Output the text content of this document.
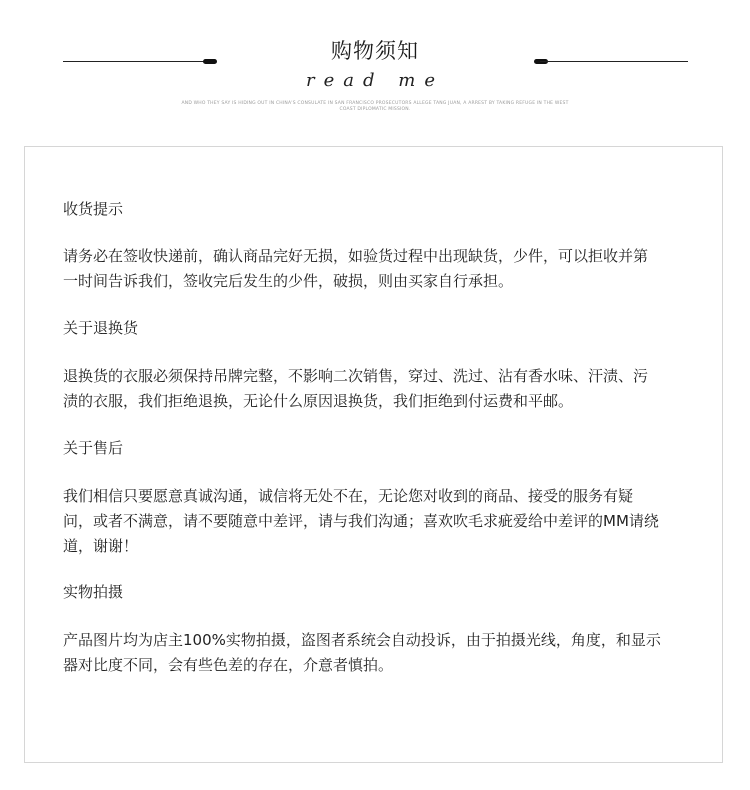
购物须知
read me
AND WHO THEY SAY IS HIDING OUT IN CHINA'S CONSULATE IN SAN FRANCISCO PROSECUTORS ALLEGE TANG JUAN, A ARREST BY TAKING REFUGE IN THE WEST COAST DIPLOMATIC MISSION.
收货提示
请务必在签收快递前，确认商品完好无损，如验货过程中出现缺货，少件，可以拒收并第
一时间告诉我们，签收完后发生的少件，破损，则由买家自行承担。
关于退换货
退换货的衣服必须保持吊牌完整，不影响二次销售，穿过、洗过、沾有香水味、汗渍、污
渍的衣服，我们拒绝退换，无论什么原因退换货，我们拒绝到付运费和平邮。
关于售后
我们相信只要愿意真诚沟通，诚信将无处不在，无论您对收到的商品、接受的服务有疑
问，或者不满意，请不要随意中差评，请与我们沟通；喜欢吹毛求疵爱给中差评的MM请绕
道，谢谢！
实物拍摄
产品图片均为店主100%实物拍摄，盗图者系统会自动投诉，由于拍摄光线，角度，和显示
器对比度不同，会有些色差的存在，介意者慎拍。
